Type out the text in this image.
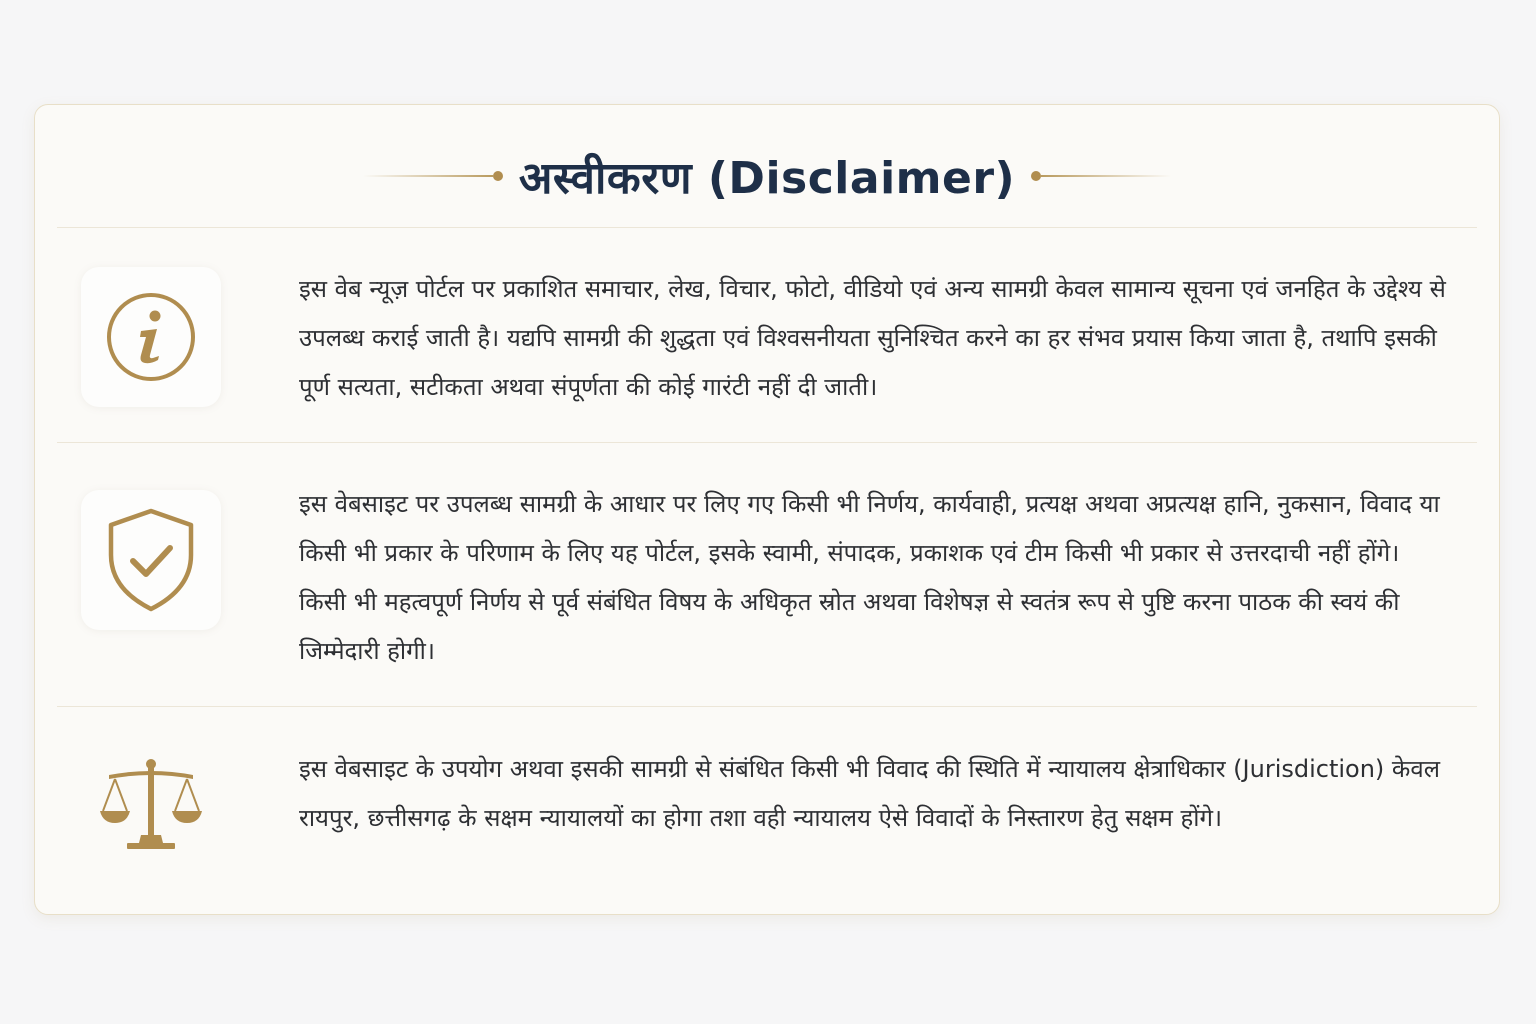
अस्वीकरण (Disclaimer)

इस वेब न्यूज़ पोर्टल पर प्रकाशित समाचार, लेख, विचार, फोटो, वीडियो एवं अन्य सामग्री केवल सामान्य सूचना एवं जनहित के उद्देश्य से उपलब्ध कराई जाती है। यद्यपि सामग्री की शुद्धता एवं विश्वसनीयता सुनिश्चित करने का हर संभव प्रयास किया जाता है, तथापि इसकी पूर्ण सत्यता, सटीकता अथवा संपूर्णता की कोई गारंटी नहीं दी जाती।

इस वेबसाइट पर उपलब्ध सामग्री के आधार पर लिए गए किसी भी निर्णय, कार्यवाही, प्रत्यक्ष अथवा अप्रत्यक्ष हानि, नुकसान, विवाद या किसी भी प्रकार के परिणाम के लिए यह पोर्टल, इसके स्वामी, संपादक, प्रकाशक एवं टीम किसी भी प्रकार से उत्तरदाची नहीं होंगे। किसी भी महत्वपूर्ण निर्णय से पूर्व संबंधित विषय के अधिकृत स्रोत अथवा विशेषज्ञ से स्वतंत्र रूप से पुष्टि करना पाठक की स्वयं की जिम्मेदारी होगी।

इस वेबसाइट के उपयोग अथवा इसकी सामग्री से संबंधित किसी भी विवाद की स्थिति में न्यायालय क्षेत्राधिकार (Jurisdiction) केवल रायपुर, छत्तीसगढ़ के सक्षम न्यायालयों का होगा तशा वही न्यायालय ऐसे विवादों के निस्तारण हेतु सक्षम होंगे।
